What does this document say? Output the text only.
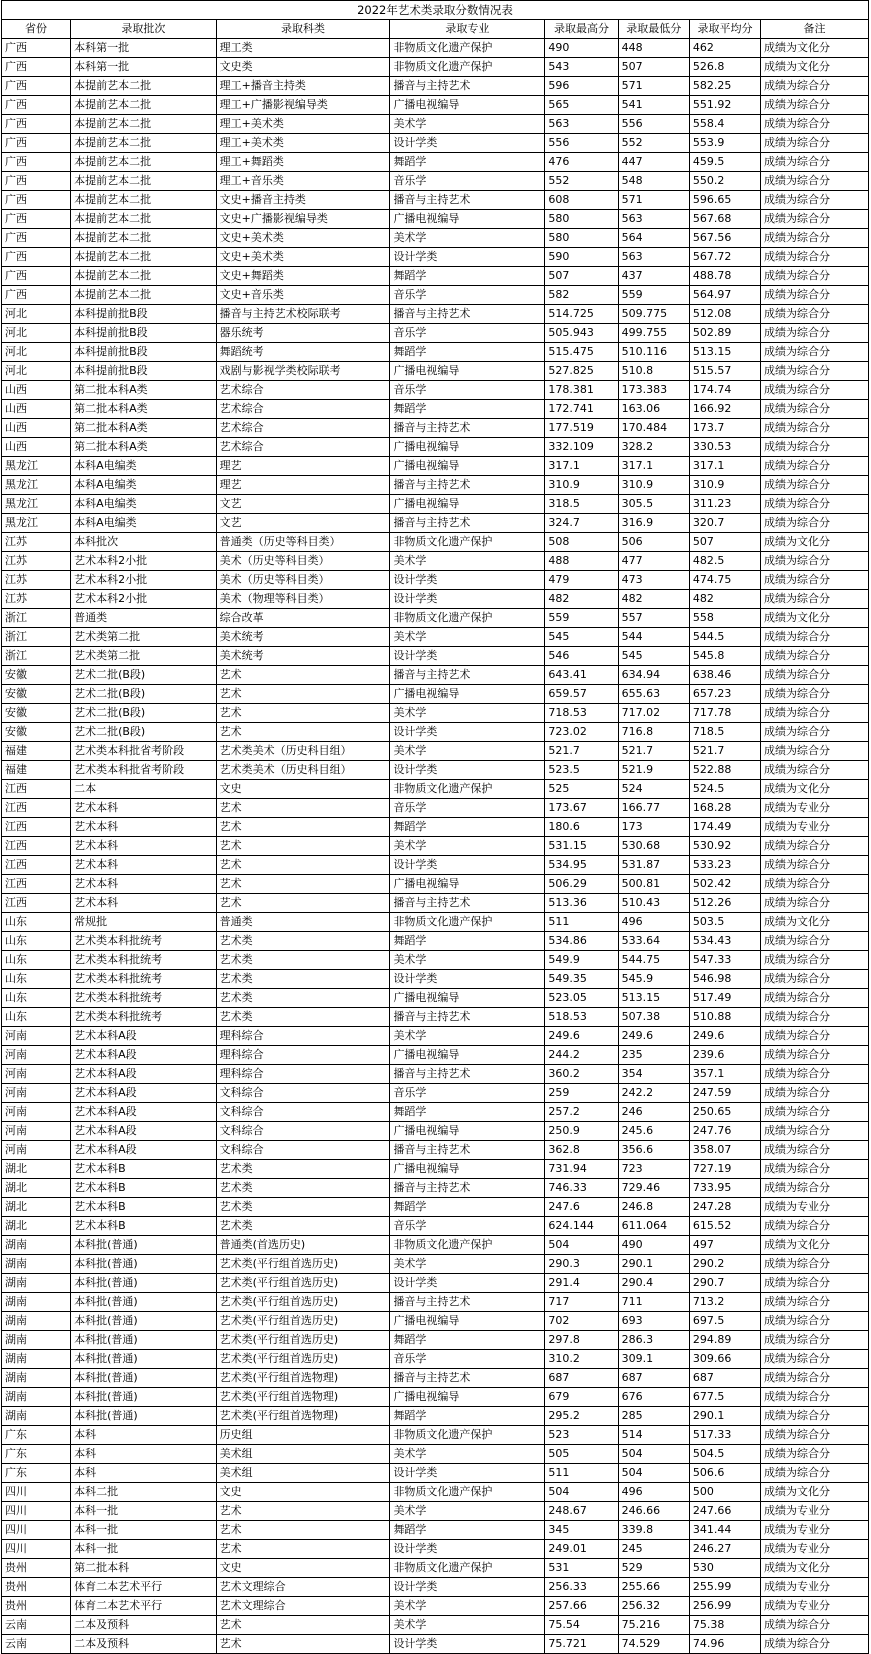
2022年艺术类录取分数情况表							
省份	录取批次	录取科类	录取专业	录取最高分	录取最低分	录取平均分	备注
广西	本科第一批	理工类	非物质文化遗产保护	490	448	462	成绩为文化分
广西	本科第一批	文史类	非物质文化遗产保护	543	507	526.8	成绩为文化分
广西	本提前艺本二批	理工+播音主持类	播音与主持艺术	596	571	582.25	成绩为综合分
广西	本提前艺本二批	理工+广播影视编导类	广播电视编导	565	541	551.92	成绩为综合分
广西	本提前艺本二批	理工+美术类	美术学	563	556	558.4	成绩为综合分
广西	本提前艺本二批	理工+美术类	设计学类	556	552	553.9	成绩为综合分
广西	本提前艺本二批	理工+舞蹈类	舞蹈学	476	447	459.5	成绩为综合分
广西	本提前艺本二批	理工+音乐类	音乐学	552	548	550.2	成绩为综合分
广西	本提前艺本二批	文史+播音主持类	播音与主持艺术	608	571	596.65	成绩为综合分
广西	本提前艺本二批	文史+广播影视编导类	广播电视编导	580	563	567.68	成绩为综合分
广西	本提前艺本二批	文史+美术类	美术学	580	564	567.56	成绩为综合分
广西	本提前艺本二批	文史+美术类	设计学类	590	563	567.72	成绩为综合分
广西	本提前艺本二批	文史+舞蹈类	舞蹈学	507	437	488.78	成绩为综合分
广西	本提前艺本二批	文史+音乐类	音乐学	582	559	564.97	成绩为综合分
河北	本科提前批B段	播音与主持艺术校际联考	播音与主持艺术	514.725	509.775	512.08	成绩为综合分
河北	本科提前批B段	器乐统考	音乐学	505.943	499.755	502.89	成绩为综合分
河北	本科提前批B段	舞蹈统考	舞蹈学	515.475	510.116	513.15	成绩为综合分
河北	本科提前批B段	戏剧与影视学类校际联考	广播电视编导	527.825	510.8	515.57	成绩为综合分
山西	第二批本科A类	艺术综合	音乐学	178.381	173.383	174.74	成绩为综合分
山西	第二批本科A类	艺术综合	舞蹈学	172.741	163.06	166.92	成绩为综合分
山西	第二批本科A类	艺术综合	播音与主持艺术	177.519	170.484	173.7	成绩为综合分
山西	第二批本科A类	艺术综合	广播电视编导	332.109	328.2	330.53	成绩为综合分
黑龙江	本科A电编类	理艺	广播电视编导	317.1	317.1	317.1	成绩为综合分
黑龙江	本科A电编类	理艺	播音与主持艺术	310.9	310.9	310.9	成绩为综合分
黑龙江	本科A电编类	文艺	广播电视编导	318.5	305.5	311.23	成绩为综合分
黑龙江	本科A电编类	文艺	播音与主持艺术	324.7	316.9	320.7	成绩为综合分
江苏	本科批次	普通类（历史等科目类）	非物质文化遗产保护	508	506	507	成绩为文化分
江苏	艺术本科2小批	美术（历史等科目类）	美术学	488	477	482.5	成绩为综合分
江苏	艺术本科2小批	美术（历史等科目类）	设计学类	479	473	474.75	成绩为综合分
江苏	艺术本科2小批	美术（物理等科目类）	设计学类	482	482	482	成绩为综合分
浙江	普通类	综合改革	非物质文化遗产保护	559	557	558	成绩为文化分
浙江	艺术类第二批	美术统考	美术学	545	544	544.5	成绩为综合分
浙江	艺术类第二批	美术统考	设计学类	546	545	545.8	成绩为综合分
安徽	艺术二批(B段)	艺术	播音与主持艺术	643.41	634.94	638.46	成绩为综合分
安徽	艺术二批(B段)	艺术	广播电视编导	659.57	655.63	657.23	成绩为综合分
安徽	艺术二批(B段)	艺术	美术学	718.53	717.02	717.78	成绩为综合分
安徽	艺术二批(B段)	艺术	设计学类	723.02	716.8	718.5	成绩为综合分
福建	艺术类本科批省考阶段	艺术类美术（历史科目组）	美术学	521.7	521.7	521.7	成绩为综合分
福建	艺术类本科批省考阶段	艺术类美术（历史科目组）	设计学类	523.5	521.9	522.88	成绩为综合分
江西	二本	文史	非物质文化遗产保护	525	524	524.5	成绩为文化分
江西	艺术本科	艺术	音乐学	173.67	166.77	168.28	成绩为专业分
江西	艺术本科	艺术	舞蹈学	180.6	173	174.49	成绩为专业分
江西	艺术本科	艺术	美术学	531.15	530.68	530.92	成绩为综合分
江西	艺术本科	艺术	设计学类	534.95	531.87	533.23	成绩为综合分
江西	艺术本科	艺术	广播电视编导	506.29	500.81	502.42	成绩为综合分
江西	艺术本科	艺术	播音与主持艺术	513.36	510.43	512.26	成绩为综合分
山东	常规批	普通类	非物质文化遗产保护	511	496	503.5	成绩为文化分
山东	艺术类本科批统考	艺术类	舞蹈学	534.86	533.64	534.43	成绩为综合分
山东	艺术类本科批统考	艺术类	美术学	549.9	544.75	547.33	成绩为综合分
山东	艺术类本科批统考	艺术类	设计学类	549.35	545.9	546.98	成绩为综合分
山东	艺术类本科批统考	艺术类	广播电视编导	523.05	513.15	517.49	成绩为综合分
山东	艺术类本科批统考	艺术类	播音与主持艺术	518.53	507.38	510.88	成绩为综合分
河南	艺术本科A段	理科综合	美术学	249.6	249.6	249.6	成绩为综合分
河南	艺术本科A段	理科综合	广播电视编导	244.2	235	239.6	成绩为综合分
河南	艺术本科A段	理科综合	播音与主持艺术	360.2	354	357.1	成绩为综合分
河南	艺术本科A段	文科综合	音乐学	259	242.2	247.59	成绩为综合分
河南	艺术本科A段	文科综合	舞蹈学	257.2	246	250.65	成绩为综合分
河南	艺术本科A段	文科综合	广播电视编导	250.9	245.6	247.76	成绩为综合分
河南	艺术本科A段	文科综合	播音与主持艺术	362.8	356.6	358.07	成绩为综合分
湖北	艺术本科B	艺术类	广播电视编导	731.94	723	727.19	成绩为综合分
湖北	艺术本科B	艺术类	播音与主持艺术	746.33	729.46	733.95	成绩为综合分
湖北	艺术本科B	艺术类	舞蹈学	247.6	246.8	247.28	成绩为专业分
湖北	艺术本科B	艺术类	音乐学	624.144	611.064	615.52	成绩为综合分
湖南	本科批(普通)	普通类(首选历史)	非物质文化遗产保护	504	490	497	成绩为文化分
湖南	本科批(普通)	艺术类(平行组首选历史)	美术学	290.3	290.1	290.2	成绩为综合分
湖南	本科批(普通)	艺术类(平行组首选历史)	设计学类	291.4	290.4	290.7	成绩为综合分
湖南	本科批(普通)	艺术类(平行组首选历史)	播音与主持艺术	717	711	713.2	成绩为综合分
湖南	本科批(普通)	艺术类(平行组首选历史)	广播电视编导	702	693	697.5	成绩为综合分
湖南	本科批(普通)	艺术类(平行组首选历史)	舞蹈学	297.8	286.3	294.89	成绩为综合分
湖南	本科批(普通)	艺术类(平行组首选历史)	音乐学	310.2	309.1	309.66	成绩为综合分
湖南	本科批(普通)	艺术类(平行组首选物理)	播音与主持艺术	687	687	687	成绩为综合分
湖南	本科批(普通)	艺术类(平行组首选物理)	广播电视编导	679	676	677.5	成绩为综合分
湖南	本科批(普通)	艺术类(平行组首选物理)	舞蹈学	295.2	285	290.1	成绩为综合分
广东	本科	历史组	非物质文化遗产保护	523	514	517.33	成绩为综合分
广东	本科	美术组	美术学	505	504	504.5	成绩为综合分
广东	本科	美术组	设计学类	511	504	506.6	成绩为综合分
四川	本科二批	文史	非物质文化遗产保护	504	496	500	成绩为文化分
四川	本科一批	艺术	美术学	248.67	246.66	247.66	成绩为专业分
四川	本科一批	艺术	舞蹈学	345	339.8	341.44	成绩为专业分
四川	本科一批	艺术	设计学类	249.01	245	246.27	成绩为专业分
贵州	第二批本科	文史	非物质文化遗产保护	531	529	530	成绩为文化分
贵州	体育二本艺术平行	艺术文理综合	设计学类	256.33	255.66	255.99	成绩为专业分
贵州	体育二本艺术平行	艺术文理综合	美术学	257.66	256.32	256.99	成绩为专业分
云南	二本及预科	艺术	美术学	75.54	75.216	75.38	成绩为综合分
云南	二本及预科	艺术	设计学类	75.721	74.529	74.96	成绩为综合分
